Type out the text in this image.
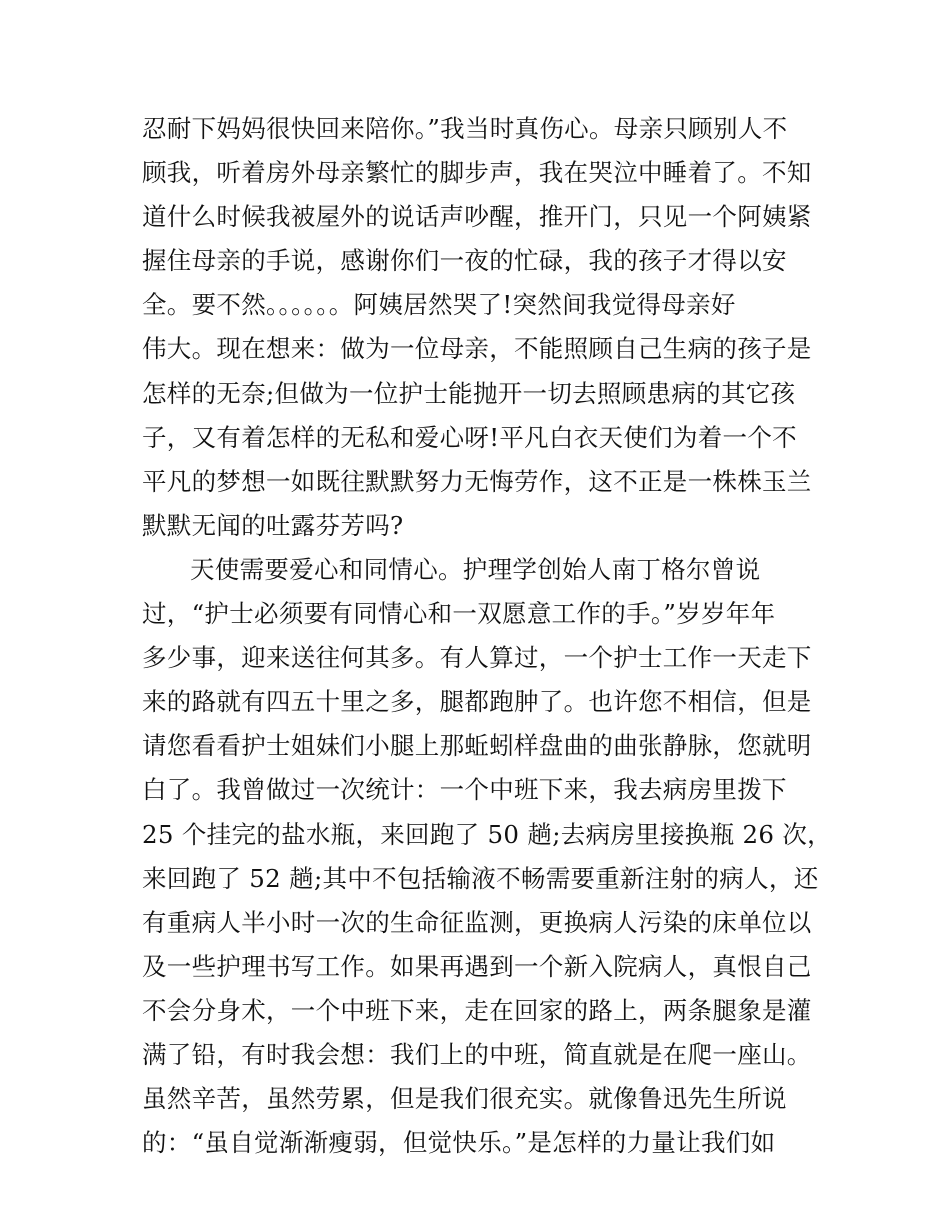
忍耐下妈妈很快回来陪你。”我当时真伤心。母亲只顾别人不
顾我，听着房外母亲繁忙的脚步声，我在哭泣中睡着了。不知
道什么时候我被屋外的说话声吵醒，推开门，只见一个阿姨紧
握住母亲的手说，感谢你们一夜的忙碌，我的孩子才得以安
全。要不然。。。。。。阿姨居然哭了!突然间我觉得母亲好
伟大。现在想来：做为一位母亲，不能照顾自己生病的孩子是
怎样的无奈;但做为一位护士能抛开一切去照顾患病的其它孩
子，又有着怎样的无私和爱心呀!平凡白衣天使们为着一个不
平凡的梦想一如既往默默努力无悔劳作，这不正是一株株玉兰
默默无闻的吐露芬芳吗?
天使需要爱心和同情心。护理学创始人南丁格尔曾说
过，“护士必须要有同情心和一双愿意工作的手。”岁岁年年
多少事，迎来送往何其多。有人算过，一个护士工作一天走下
来的路就有四五十里之多，腿都跑肿了。也许您不相信，但是
请您看看护士姐妹们小腿上那蚯蚓样盘曲的曲张静脉，您就明
白了。我曾做过一次统计：一个中班下来，我去病房里拨下
25 个挂完的盐水瓶，来回跑了 50 趟;去病房里接换瓶 26 次，
来回跑了 52 趟;其中不包括输液不畅需要重新注射的病人，还
有重病人半小时一次的生命征监测，更换病人污染的床单位以
及一些护理书写工作。如果再遇到一个新入院病人，真恨自己
不会分身术，一个中班下来，走在回家的路上，两条腿象是灌
满了铅，有时我会想：我们上的中班，简直就是在爬一座山。
虽然辛苦，虽然劳累，但是我们很充实。就像鲁迅先生所说
的：“虽自觉渐渐瘦弱，但觉快乐。”是怎样的力量让我们如
